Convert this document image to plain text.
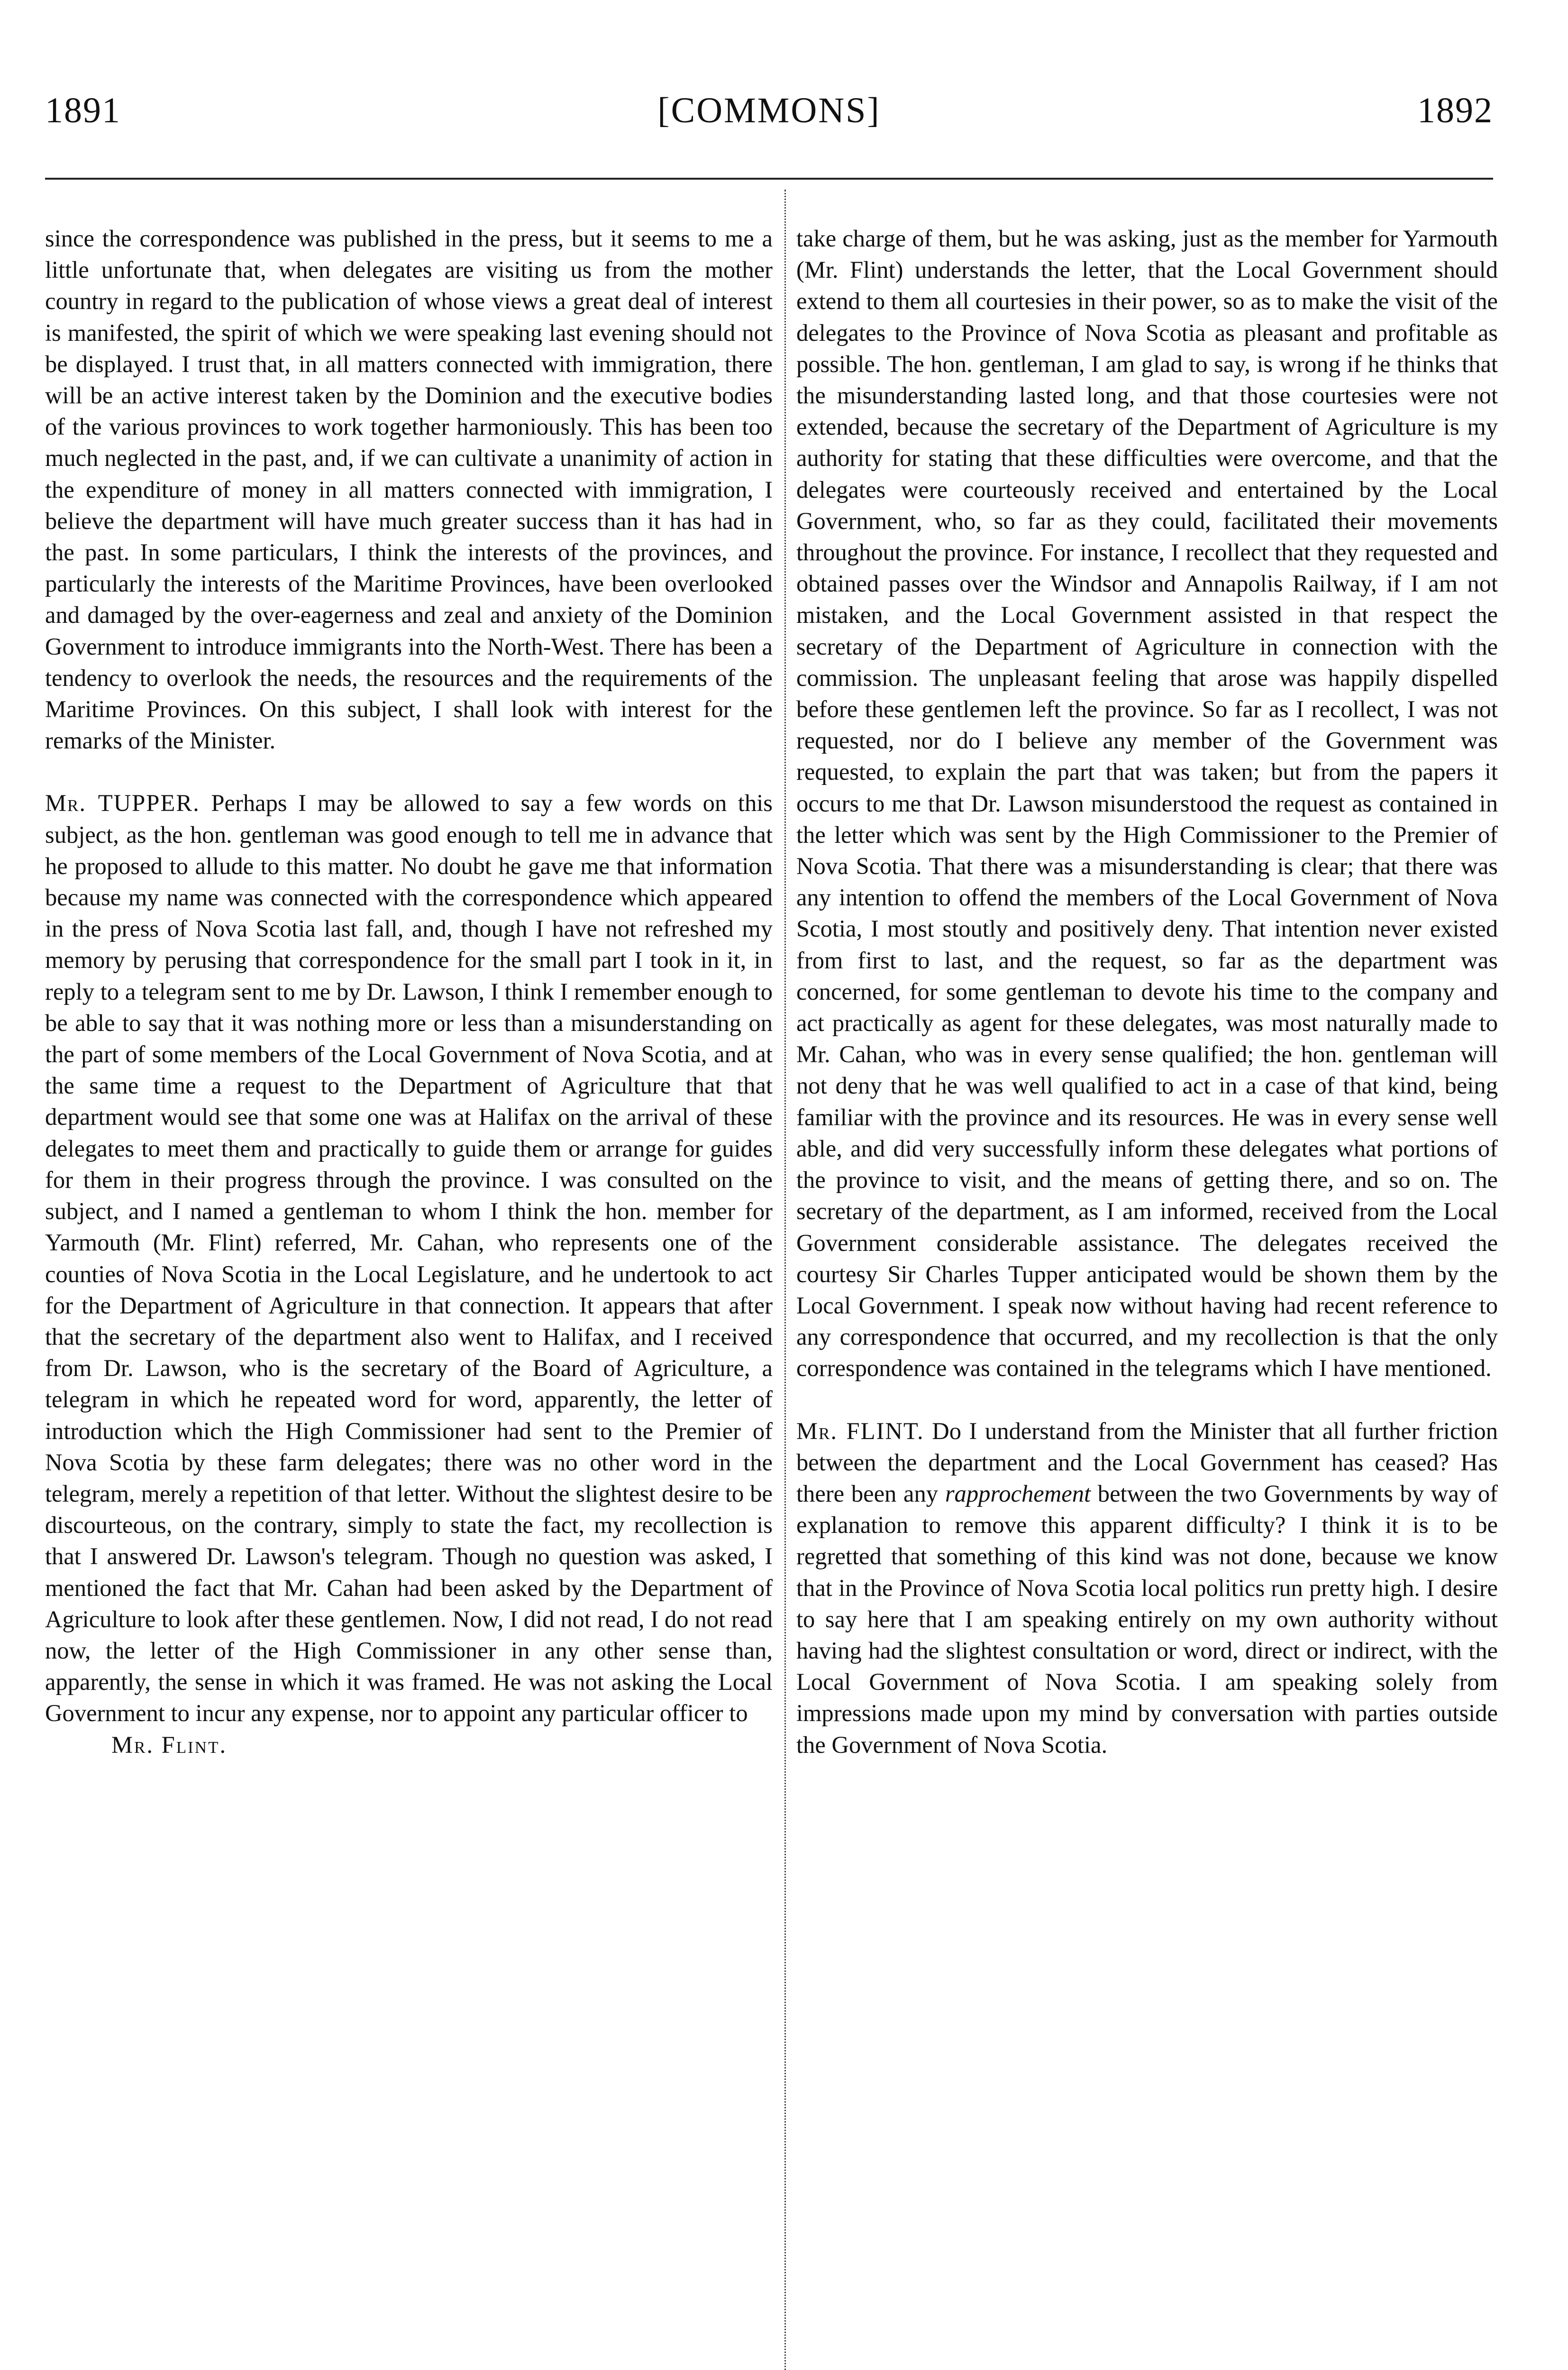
1891	[COMMONS]	1892

since the correspondence was published in the press, but it seems to me a little unfortunate that, when delegates are visiting us from the mother country in regard to the publication of whose views a great deal of interest is manifested, the spirit of which we were speaking last evening should not be displayed. I trust that, in all matters connected with immigration, there will be an active interest taken by the Dominion and the executive bodies of the various provinces to work together harmoniously. This has been too much neglected in the past, and, if we can cultivate a unanimity of action in the expenditure of money in all matters connected with immigration, I believe the department will have much greater success than it has had in the past. In some particulars, I think the interests of the provinces, and particularly the interests of the Maritime Provinces, have been overlooked and damaged by the over-eagerness and zeal and anxiety of the Dominion Government to introduce immigrants into the North-West. There has been a tendency to overlook the needs, the resources and the requirements of the Maritime Provinces. On this subject, I shall look with interest for the remarks of the Minister.

Mr. TUPPER. Perhaps I may be allowed to say a few words on this subject, as the hon. gentleman was good enough to tell me in advance that he proposed to allude to this matter. No doubt he gave me that information because my name was connected with the correspondence which appeared in the press of Nova Scotia last fall, and, though I have not refreshed my memory by perusing that correspondence for the small part I took in it, in reply to a telegram sent to me by Dr. Lawson, I think I remember enough to be able to say that it was nothing more or less than a misunderstanding on the part of some members of the Local Government of Nova Scotia, and at the same time a request to the Department of Agriculture that that department would see that some one was at Halifax on the arrival of these delegates to meet them and practically to guide them or arrange for guides for them in their progress through the province. I was consulted on the subject, and I named a gentleman to whom I think the hon. member for Yarmouth (Mr. Flint) referred, Mr. Cahan, who represents one of the counties of Nova Scotia in the Local Legislature, and he undertook to act for the Department of Agriculture in that connection. It appears that after that the secretary of the department also went to Halifax, and I received from Dr. Lawson, who is the secretary of the Board of Agriculture, a telegram in which he repeated word for word, apparently, the letter of introduction which the High Commissioner had sent to the Premier of Nova Scotia by these farm delegates; there was no other word in the telegram, merely a repetition of that letter. Without the slightest desire to be discourteous, on the contrary, simply to state the fact, my recollection is that I answered Dr. Lawson's telegram. Though no question was asked, I mentioned the fact that Mr. Cahan had been asked by the Department of Agriculture to look after these gentlemen. Now, I did not read, I do not read now, the letter of the High Commissioner in any other sense than, apparently, the sense in which it was framed. He was not asking the Local Government to incur any expense, nor to appoint any particular officer to

Mr. Flint.

take charge of them, but he was asking, just as the member for Yarmouth (Mr. Flint) understands the letter, that the Local Government should extend to them all courtesies in their power, so as to make the visit of the delegates to the Province of Nova Scotia as pleasant and profitable as possible. The hon. gentleman, I am glad to say, is wrong if he thinks that the misunderstanding lasted long, and that those courtesies were not extended, because the secretary of the Department of Agriculture is my authority for stating that these difficulties were overcome, and that the delegates were courteously received and entertained by the Local Government, who, so far as they could, facilitated their movements throughout the province. For instance, I recollect that they requested and obtained passes over the Windsor and Annapolis Railway, if I am not mistaken, and the Local Government assisted in that respect the secretary of the Department of Agriculture in connection with the commission. The unpleasant feeling that arose was happily dispelled before these gentlemen left the province. So far as I recollect, I was not requested, nor do I believe any member of the Government was requested, to explain the part that was taken; but from the papers it occurs to me that Dr. Lawson misunderstood the request as contained in the letter which was sent by the High Commissioner to the Premier of Nova Scotia. That there was a misunderstanding is clear; that there was any intention to offend the members of the Local Government of Nova Scotia, I most stoutly and positively deny. That intention never existed from first to last, and the request, so far as the department was concerned, for some gentleman to devote his time to the company and act practically as agent for these delegates, was most naturally made to Mr. Cahan, who was in every sense qualified; the hon. gentleman will not deny that he was well qualified to act in a case of that kind, being familiar with the province and its resources. He was in every sense well able, and did very successfully inform these delegates what portions of the province to visit, and the means of getting there, and so on. The secretary of the department, as I am informed, received from the Local Government considerable assistance. The delegates received the courtesy Sir Charles Tupper anticipated would be shown them by the Local Government. I speak now without having had recent reference to any correspondence that occurred, and my recollection is that the only correspondence was contained in the telegrams which I have mentioned.

Mr. FLINT. Do I understand from the Minister that all further friction between the department and the Local Government has ceased? Has there been any rapprochement between the two Governments by way of explanation to remove this apparent difficulty? I think it is to be regretted that something of this kind was not done, because we know that in the Province of Nova Scotia local politics run pretty high. I desire to say here that I am speaking entirely on my own authority without having had the slightest consultation or word, direct or indirect, with the Local Government of Nova Scotia. I am speaking solely from impressions made upon my mind by conversation with parties outside the Government of Nova Scotia.
